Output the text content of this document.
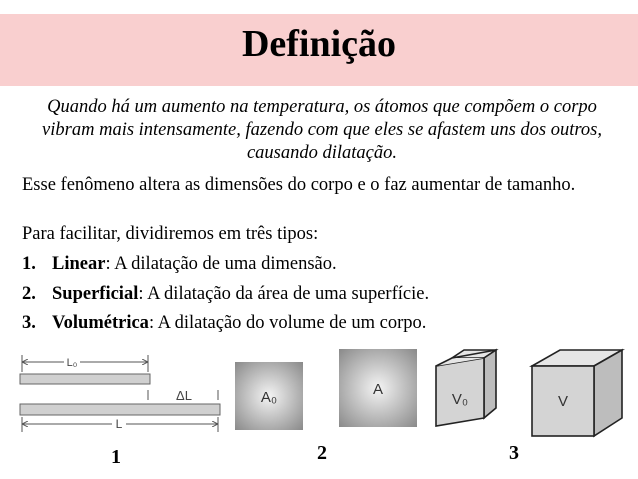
Definição
Quando há um aumento na temperatura, os átomos que compõem o corpo vibram mais intensamente, fazendo com que eles se afastem uns dos outros, causando dilatação.
Esse fenômeno altera as dimensões do corpo e o faz aumentar de tamanho.
Para facilitar, dividiremos em três tipos:
1. Linear: A dilatação de uma dimensão.
2. Superficial: A dilatação da área de uma superfície.
3. Volumétrica: A dilatação do volume de um corpo.
L₀
ΔL
L
A₀	A
V₀	V
1	2	3
